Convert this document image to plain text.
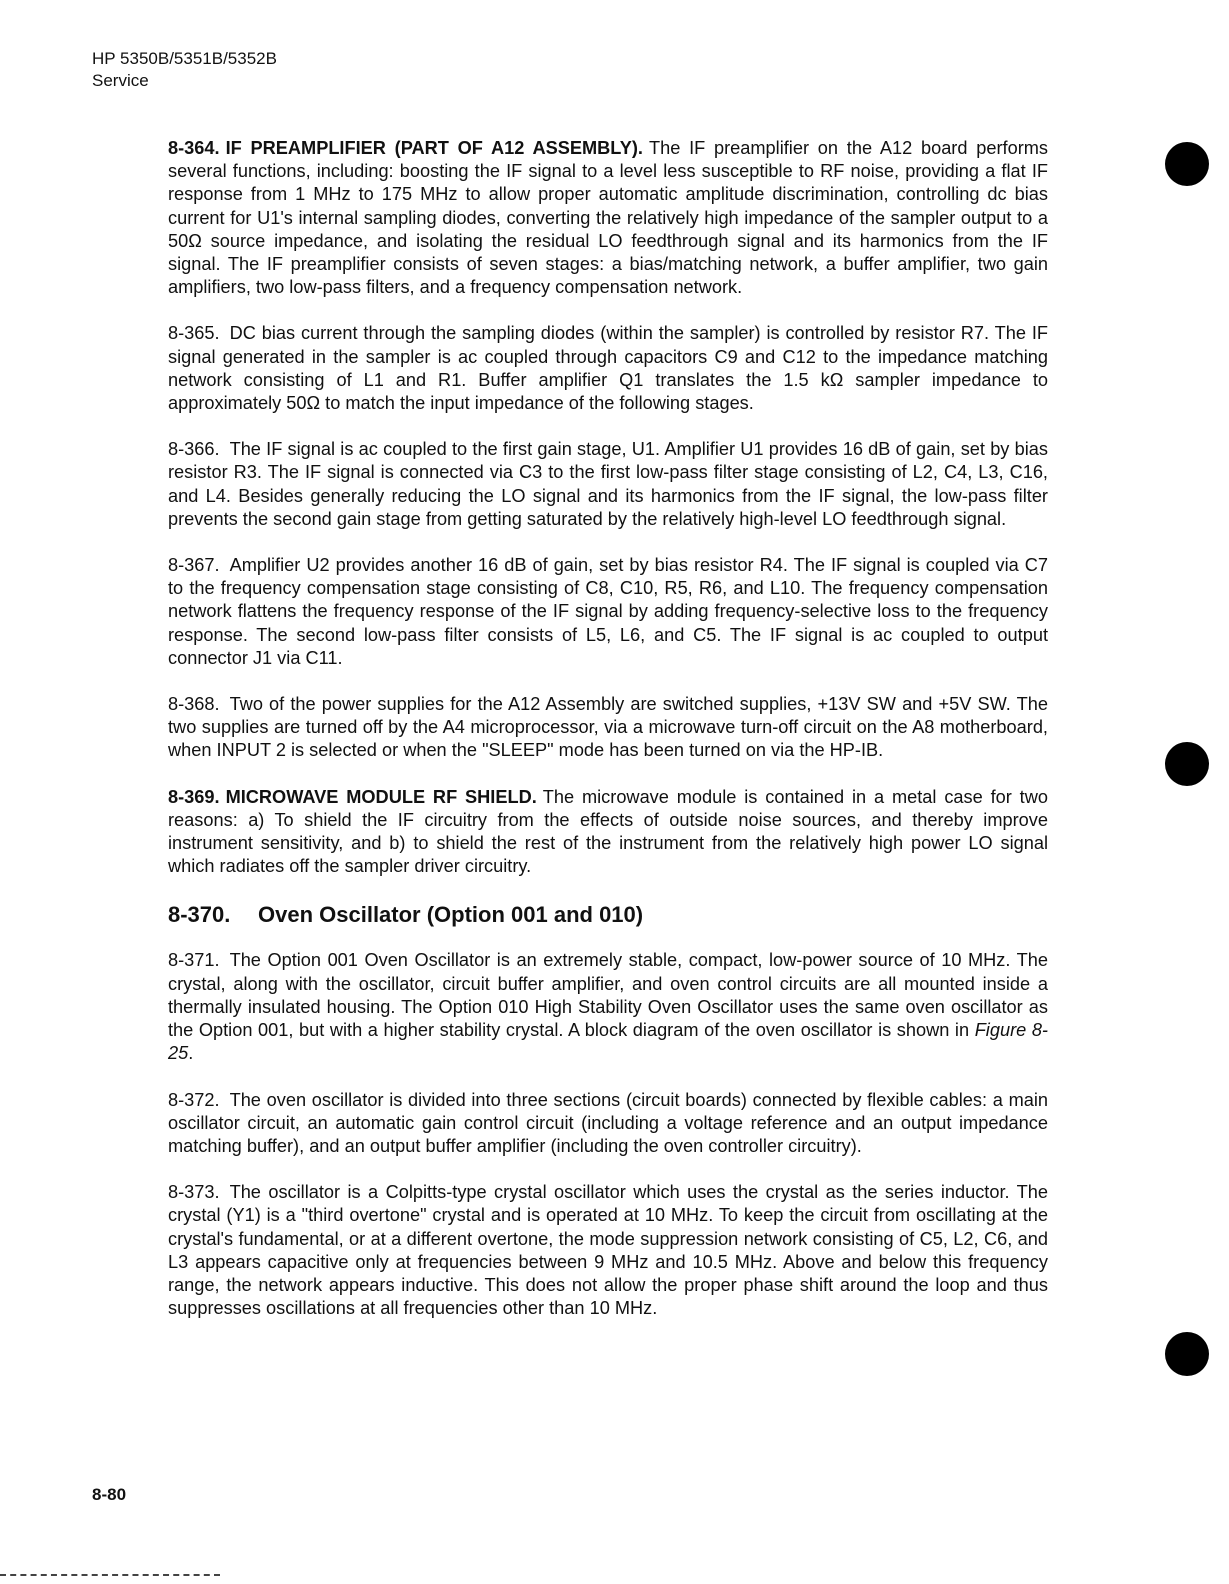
HP 5350B/5351B/5352B
Service

8-364. IF PREAMPLIFIER (PART OF A12 ASSEMBLY). The IF preamplifier on the A12 board performs several functions, including: boosting the IF signal to a level less susceptible to RF noise, providing a flat IF response from 1 MHz to 175 MHz to allow proper automatic amplitude discrimination, controlling dc bias current for U1's internal sampling diodes, converting the relatively high impedance of the sampler output to a 50Ω source impedance, and isolating the residual LO feedthrough signal and its harmonics from the IF signal. The IF preamplifier consists of seven stages: a bias/matching network, a buffer amplifier, two gain amplifiers, two low-pass filters, and a frequency compensation network.

8-365. DC bias current through the sampling diodes (within the sampler) is controlled by resistor R7. The IF signal generated in the sampler is ac coupled through capacitors C9 and C12 to the impedance matching network consisting of L1 and R1. Buffer amplifier Q1 translates the 1.5 kΩ sampler impedance to approximately 50Ω to match the input impedance of the following stages.

8-366. The IF signal is ac coupled to the first gain stage, U1. Amplifier U1 provides 16 dB of gain, set by bias resistor R3. The IF signal is connected via C3 to the first low-pass filter stage consisting of L2, C4, L3, C16, and L4. Besides generally reducing the LO signal and its harmonics from the IF signal, the low-pass filter prevents the second gain stage from getting saturated by the relatively high-level LO feedthrough signal.

8-367. Amplifier U2 provides another 16 dB of gain, set by bias resistor R4. The IF signal is coupled via C7 to the frequency compensation stage consisting of C8, C10, R5, R6, and L10. The frequency compensation network flattens the frequency response of the IF signal by adding frequency-selective loss to the frequency response. The second low-pass filter consists of L5, L6, and C5. The IF signal is ac coupled to output connector J1 via C11.

8-368. Two of the power supplies for the A12 Assembly are switched supplies, +13V SW and +5V SW. The two supplies are turned off by the A4 microprocessor, via a microwave turn-off circuit on the A8 motherboard, when INPUT 2 is selected or when the "SLEEP" mode has been turned on via the HP-IB.

8-369. MICROWAVE MODULE RF SHIELD. The microwave module is contained in a metal case for two reasons: a) To shield the IF circuitry from the effects of outside noise sources, and thereby improve instrument sensitivity, and b) to shield the rest of the instrument from the relatively high power LO signal which radiates off the sampler driver circuitry.

8-370. Oven Oscillator (Option 001 and 010)

8-371. The Option 001 Oven Oscillator is an extremely stable, compact, low-power source of 10 MHz. The crystal, along with the oscillator, circuit buffer amplifier, and oven control circuits are all mounted inside a thermally insulated housing. The Option 010 High Stability Oven Oscillator uses the same oven oscillator as the Option 001, but with a higher stability crystal. A block diagram of the oven oscillator is shown in Figure 8-25.

8-372. The oven oscillator is divided into three sections (circuit boards) connected by flexible cables: a main oscillator circuit, an automatic gain control circuit (including a voltage reference and an output impedance matching buffer), and an output buffer amplifier (including the oven controller circuitry).

8-373. The oscillator is a Colpitts-type crystal oscillator which uses the crystal as the series inductor. The crystal (Y1) is a "third overtone" crystal and is operated at 10 MHz. To keep the circuit from oscillating at the crystal's fundamental, or at a different overtone, the mode suppression network consisting of C5, L2, C6, and L3 appears capacitive only at frequencies between 9 MHz and 10.5 MHz. Above and below this frequency range, the network appears inductive. This does not allow the proper phase shift around the loop and thus suppresses oscillations at all frequencies other than 10 MHz.

8-80
